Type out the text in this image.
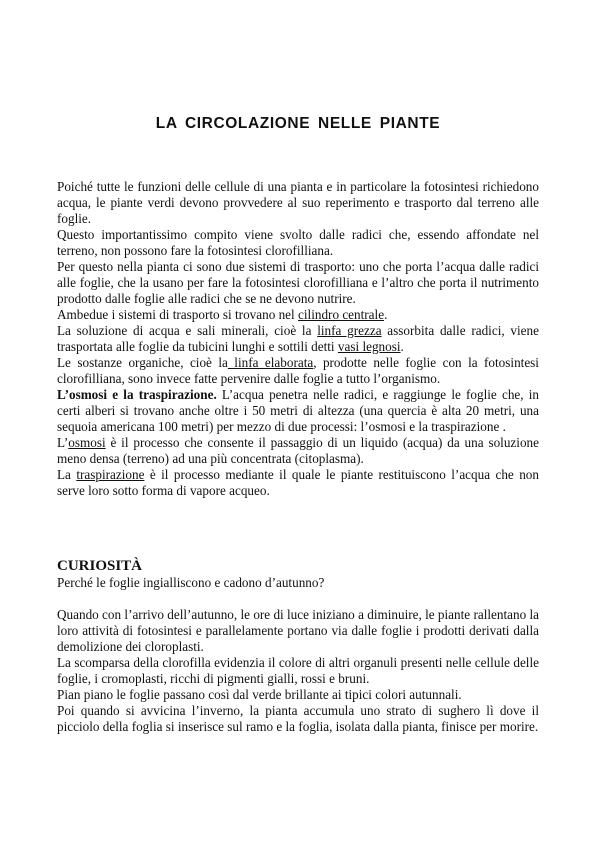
LA CIRCOLAZIONE NELLE PIANTE

Poiché tutte le funzioni delle cellule di una pianta e in particolare la fotosintesi richiedono acqua, le piante verdi devono provvedere al suo reperimento e trasporto dal terreno alle foglie.

Questo importantissimo compito viene svolto dalle radici che, essendo affondate nel terreno, non possono fare la fotosintesi clorofilliana.

Per questo nella pianta ci sono due sistemi di trasporto: uno che porta l’acqua dalle radici alle foglie, che la usano per fare la fotosintesi clorofilliana e l’altro che porta il nutrimento prodotto dalle foglie alle radici che se ne devono nutrire.

Ambedue i sistemi di trasporto si trovano nel cilindro centrale.

La soluzione di acqua e sali minerali, cioè la linfa grezza assorbita dalle radici, viene trasportata alle foglie da tubicini lunghi e sottili detti vasi legnosi.

Le sostanze organiche, cioè la linfa elaborata, prodotte nelle foglie con la fotosintesi clorofilliana, sono invece fatte pervenire dalle foglie a tutto l’organismo.

L’osmosi e la traspirazione. L’acqua penetra nelle radici, e raggiunge le foglie che, in certi alberi si trovano anche oltre i 50 metri di altezza (una quercia è alta 20 metri, una sequoia americana 100 metri) per mezzo di due processi: l’osmosi e la traspirazione .

L’osmosi è il processo che consente il passaggio di un liquido (acqua) da una soluzione meno densa (terreno) ad una più concentrata (citoplasma).

La traspirazione è il processo mediante il quale le piante restituiscono l’acqua che non serve loro sotto forma di vapore acqueo.

CURIOSITÀ

Perché le foglie ingialliscono e cadono d’autunno?

Quando con l’arrivo dell’autunno, le ore di luce iniziano a diminuire, le piante rallentano la loro attività di fotosintesi e parallelamente portano via dalle foglie i prodotti derivati dalla demolizione dei cloroplasti.

La scomparsa della clorofilla evidenzia il colore di altri organuli presenti nelle cellule delle foglie, i cromoplasti, ricchi di pigmenti gialli, rossi e bruni.

Pian piano le foglie passano così dal verde brillante ai tipici colori autunnali.

Poi quando si avvicina l’inverno, la pianta accumula uno strato di sughero lì dove il picciolo della foglia si inserisce sul ramo e la foglia, isolata dalla pianta, finisce per morire.
